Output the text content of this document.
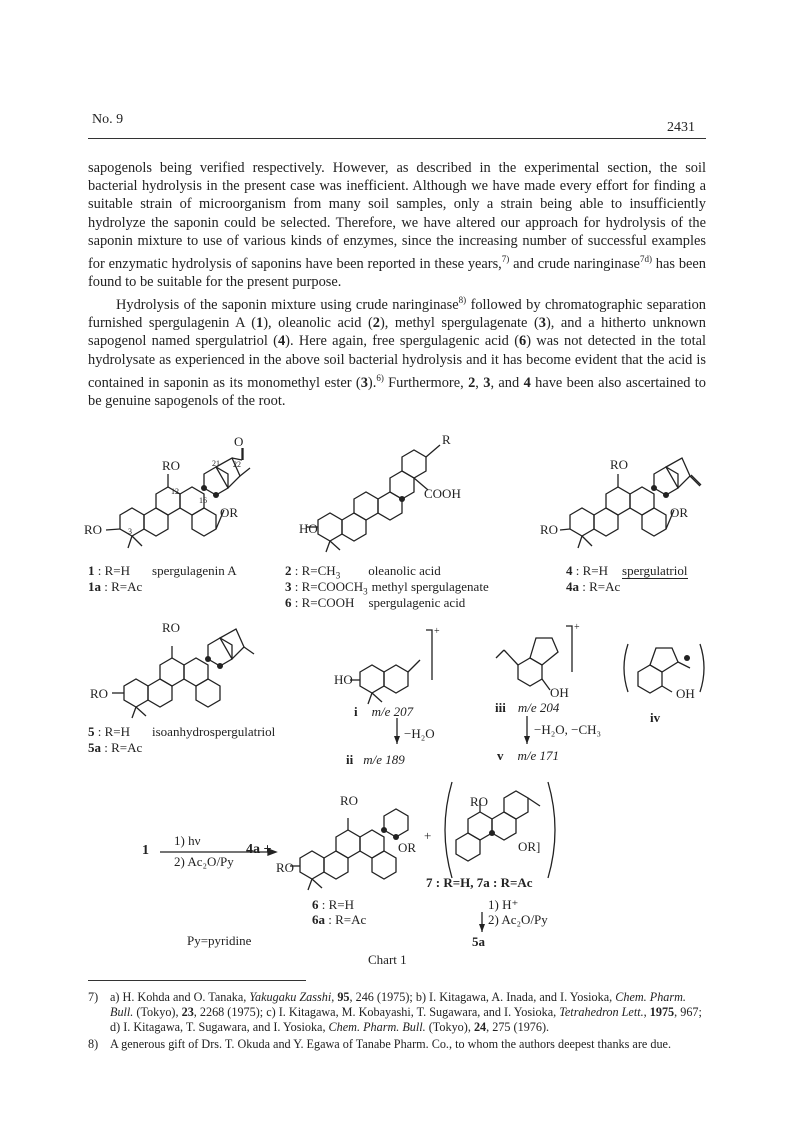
No. 9
2431

sapogenols being verified respectively. However, as described in the experimental section, the soil bacterial hydrolysis in the present case was inefficient. Although we have made every effort for finding a suitable strain of microorganism from many soil samples, only a strain being able to insufficiently hydrolyze the saponin could be selected. Therefore, we have altered our approach for hydrolysis of the saponin mixture to use of various kinds of enzymes, since the increasing number of successful examples for enzymatic hydrolysis of saponins have been reported in these years,$^{7)}$ and crude naringinase$^{7d)}$ has been found to be suitable for the present purpose.

Hydrolysis of the saponin mixture using crude naringinase$^{8)}$ followed by chromatographic separation furnished spergulagenin A (1), oleanolic acid (2), methyl spergulagenate (3), and a hitherto unknown sapogenol named spergulatriol (4). Here again, free spergulagenic acid (6) was not detected in the total hydrolysate as experienced in the above soil bacterial hydrolysis and it has become evident that the acid is contained in saponin as its monomethyl ester (3).$^{6)}$ Furthermore, 2, 3, and 4 have been also ascertained to be genuine sapogenols of the root.

RO
O
OR
RO	HO
R
COOH
RO
OR
RO
RO
RO
HO
OH	OH
RO
OR
RO
RO
OR]
+
+	+
3
12
16
21 22
1 : R=H spergulagenin A
1a : R=Ac
2 : $R=CH_3$ oleanolic acid
3 : $R=COOCH_3$ methyl spergulagenate
6 : R=COOH spergulagenic acid
4 : R=H spergulatriol
4a : R=Ac
5 : R=H isoanhydrospergulatriol
5a : R=Ac
i m/e 207
−H₂O
ii m/e 189
iii m/e 204
−H₂O, −CH₃
v m/e 171
iv
1
1) hν
2) Ac₂O/Py
4a +
6 : R=H
6a : R=Ac
7 : R=H, 7a : R=Ac
1) H⁺
2) Ac₂O/Py
5a
Py=pyridine
Chart 1

7) a) H. Kohda and O. Tanaka, Yakugaku Zasshi, 95, 246 (1975); b) I. Kitagawa, A. Inada, and I. Yosioka, Chem. Pharm. Bull. (Tokyo), 23, 2268 (1975); c) I. Kitagawa, M. Kobayashi, T. Sugawara, and I. Yosioka, Tetrahedron Lett., 1975, 967; d) I. Kitagawa, T. Sugawara, and I. Yosioka, Chem. Pharm. Bull. (Tokyo), 24, 275 (1976).

8) A generous gift of Drs. T. Okuda and Y. Egawa of Tanabe Pharm. Co., to whom the authors deepest thanks are due.
